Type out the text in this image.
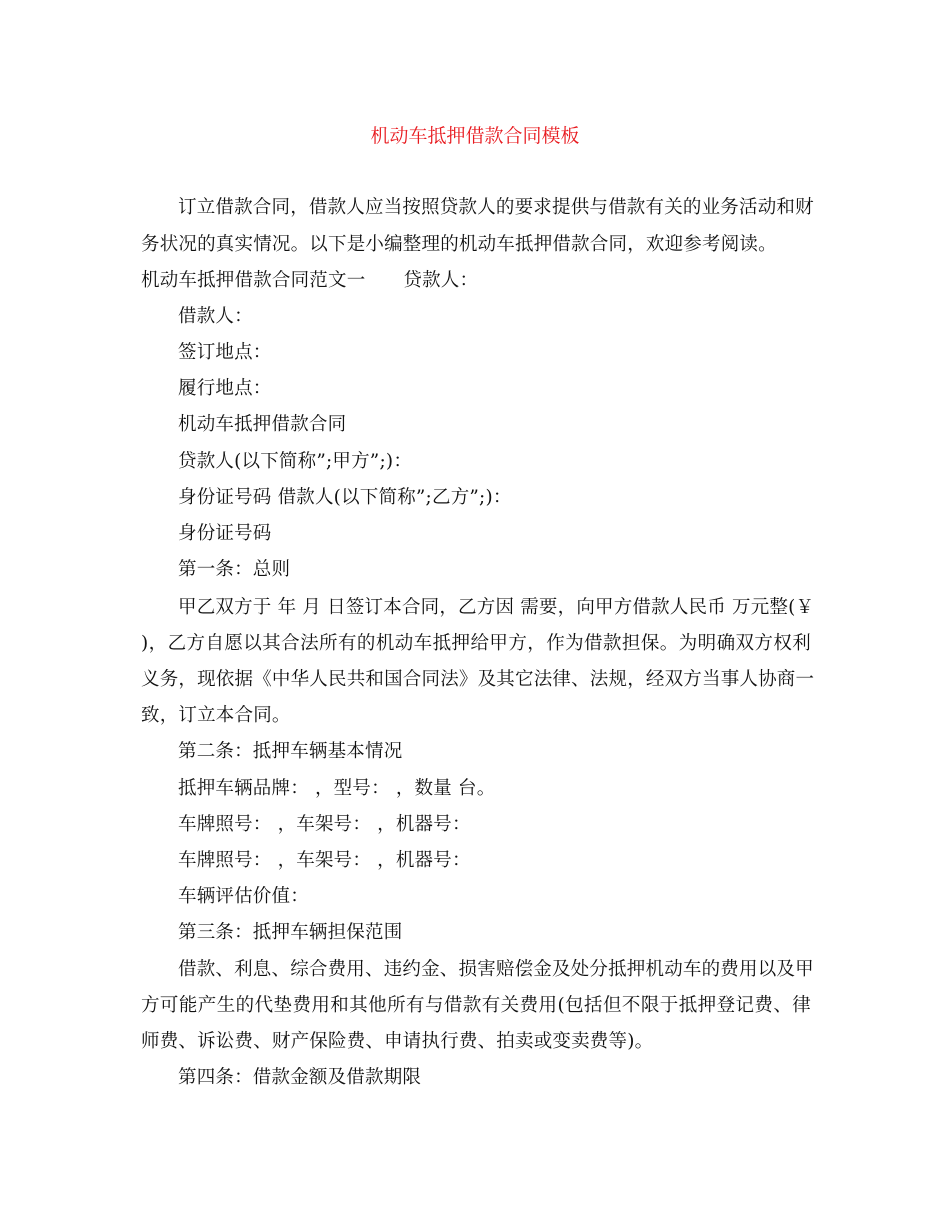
机动车抵押借款合同模板
订立借款合同，借款人应当按照贷款人的要求提供与借款有关的业务活动和财
务状况的真实情况。以下是小编整理的机动车抵押借款合同，欢迎参考阅读。
机动车抵押借款合同范文一 贷款人：
借款人：
签订地点：
履行地点：
机动车抵押借款合同
贷款人(以下简称”;甲方”;)：
身份证号码 借款人(以下简称”;乙方”;)：
身份证号码
第一条：总则
甲乙双方于 年 月 日签订本合同，乙方因 需要，向甲方借款人民币 万元整(￥
)，乙方自愿以其合法所有的机动车抵押给甲方，作为借款担保。为明确双方权利
义务，现依据《中华人民共和国合同法》及其它法律、法规，经双方当事人协商一
致，订立本合同。
第二条：抵押车辆基本情况
抵押车辆品牌： ，型号： ，数量 台。
车牌照号： ，车架号： ，机器号：
车牌照号： ，车架号： ，机器号：
车辆评估价值：
第三条：抵押车辆担保范围
借款、利息、综合费用、违约金、损害赔偿金及处分抵押机动车的费用以及甲
方可能产生的代垫费用和其他所有与借款有关费用(包括但不限于抵押登记费、律
师费、诉讼费、财产保险费、申请执行费、拍卖或变卖费等)。
第四条：借款金额及借款期限
